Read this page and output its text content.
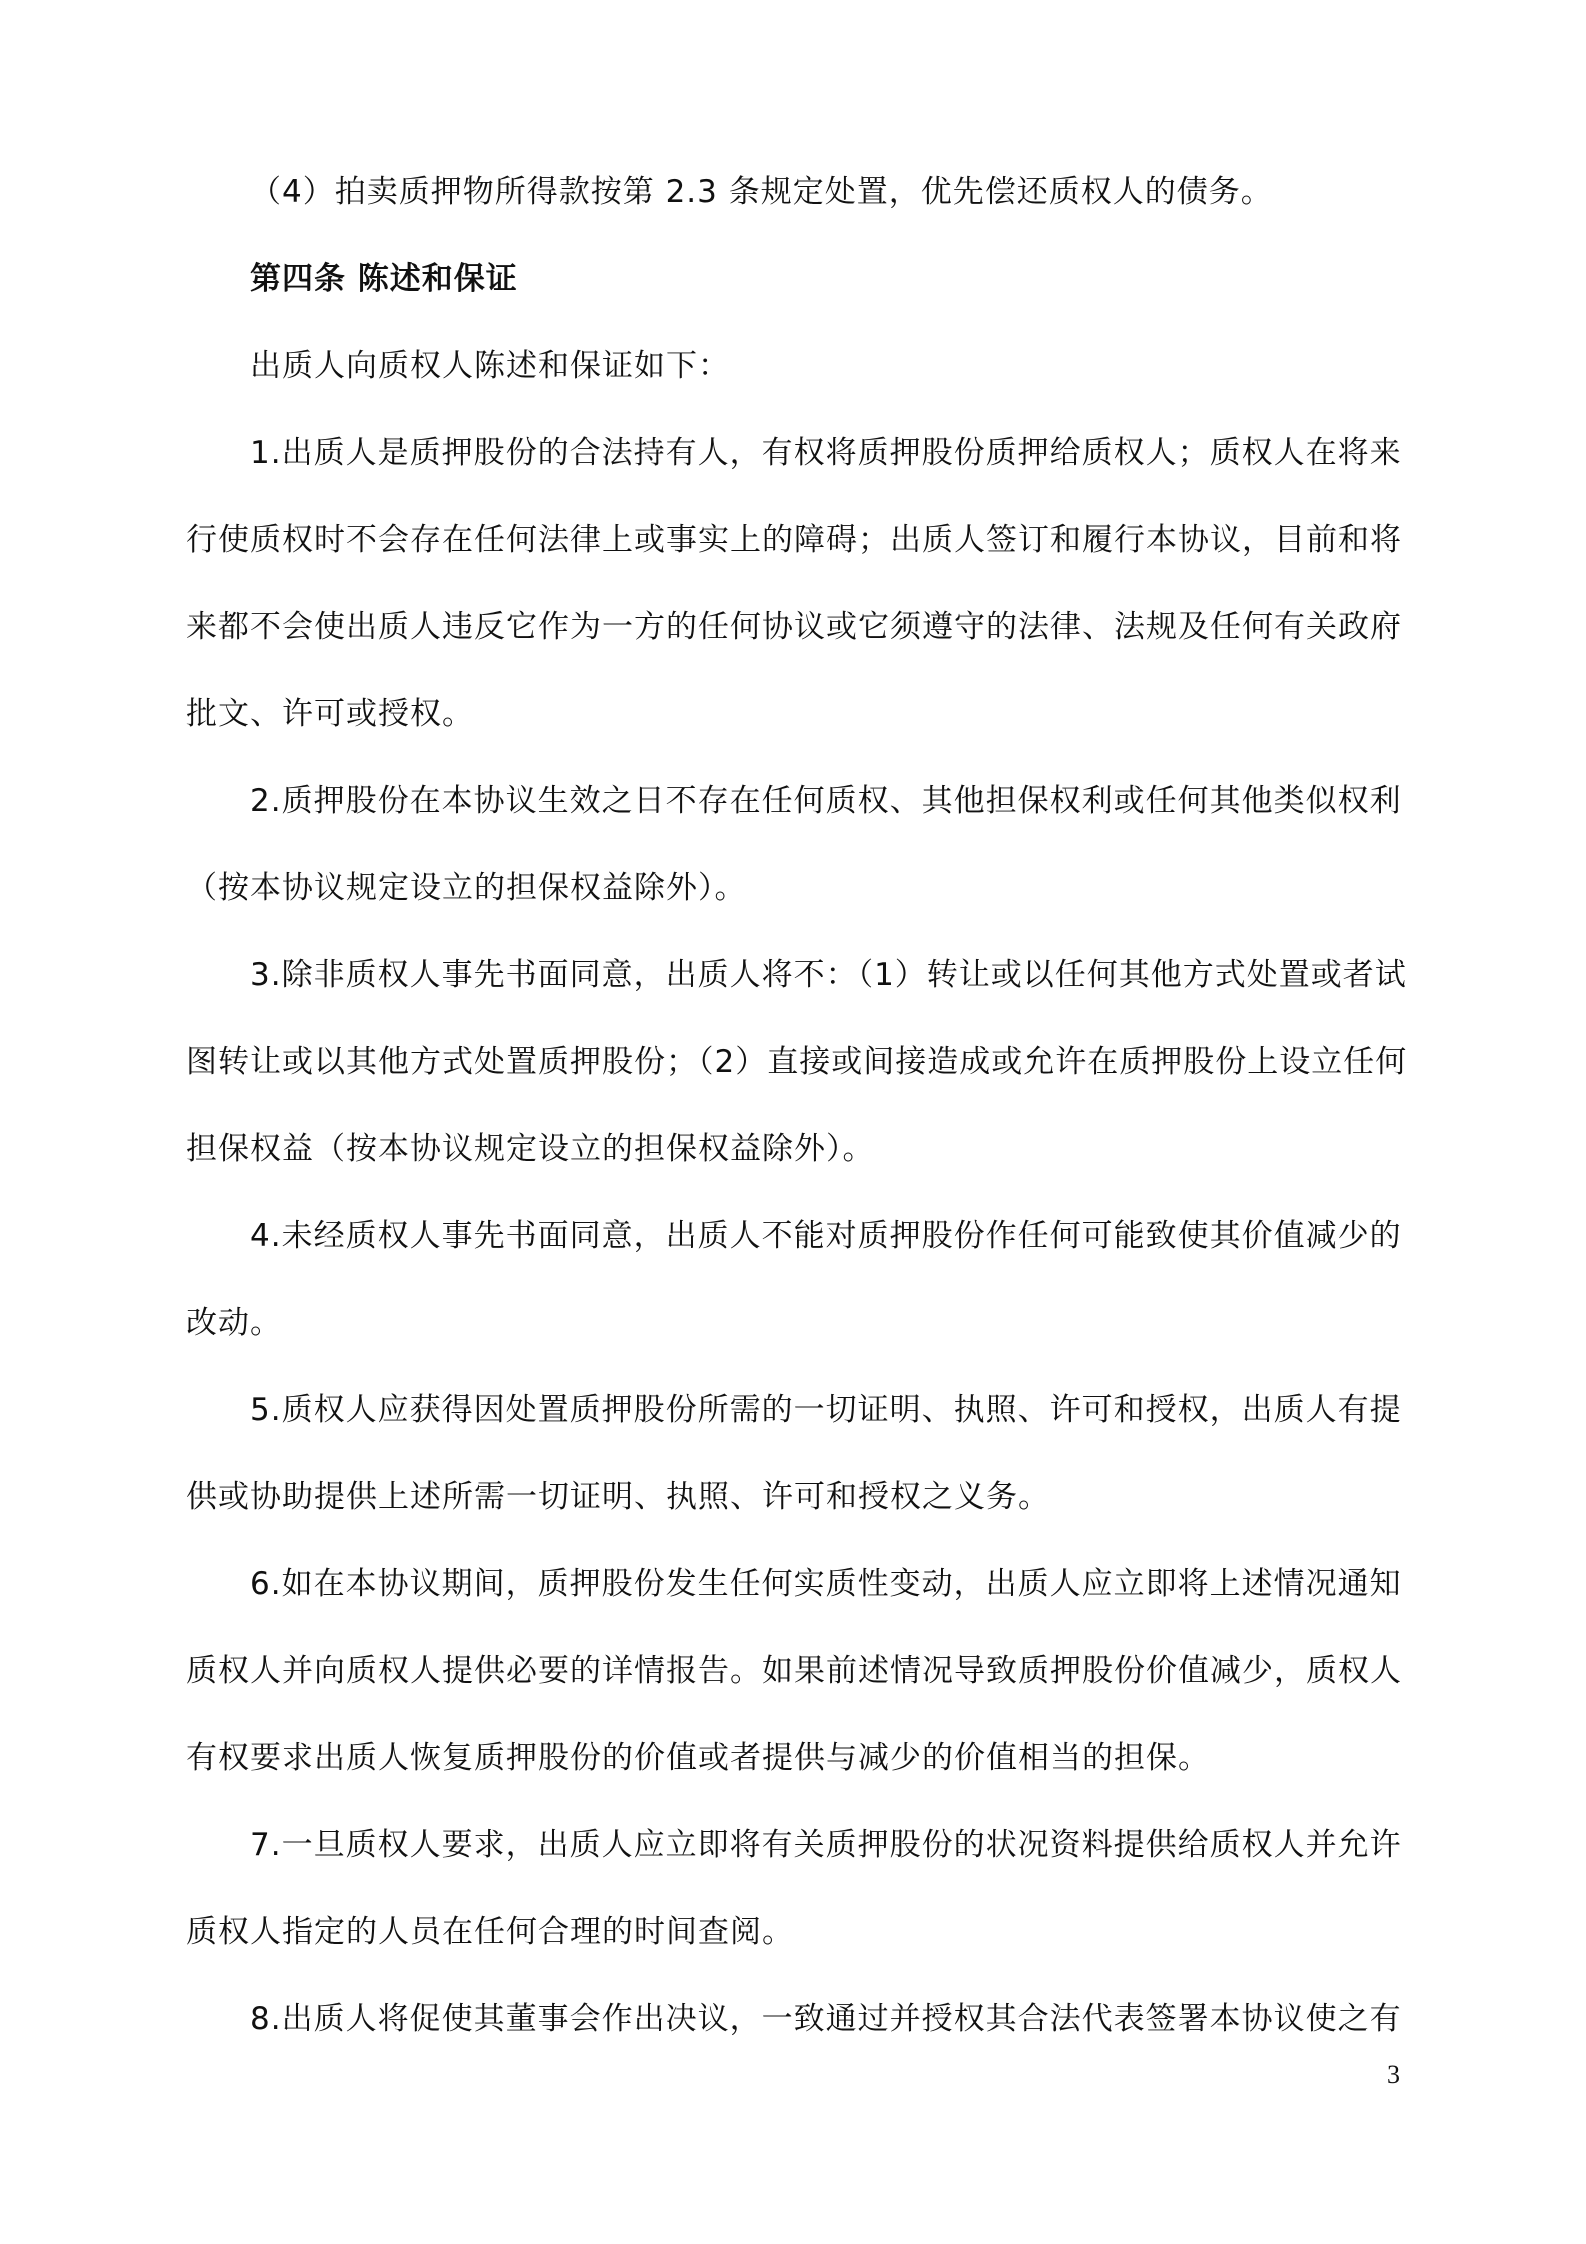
（4）拍卖质押物所得款按第 2.3 条规定处置，优先偿还质权人的债务。
第四条 陈述和保证
出质人向质权人陈述和保证如下：
1.出质人是质押股份的合法持有人，有权将质押股份质押给质权人；质权人在将来
行使质权时不会存在任何法律上或事实上的障碍；出质人签订和履行本协议，目前和将
来都不会使出质人违反它作为一方的任何协议或它须遵守的法律、法规及任何有关政府
批文、许可或授权。
2.质押股份在本协议生效之日不存在任何质权、其他担保权利或任何其他类似权利
（按本协议规定设立的担保权益除外）。
3.除非质权人事先书面同意，出质人将不：（1）转让或以任何其他方式处置或者试
图转让或以其他方式处置质押股份；（2）直接或间接造成或允许在质押股份上设立任何
担保权益（按本协议规定设立的担保权益除外）。
4.未经质权人事先书面同意，出质人不能对质押股份作任何可能致使其价值减少的
改动。
5.质权人应获得因处置质押股份所需的一切证明、执照、许可和授权，出质人有提
供或协助提供上述所需一切证明、执照、许可和授权之义务。
6.如在本协议期间，质押股份发生任何实质性变动，出质人应立即将上述情况通知
质权人并向质权人提供必要的详情报告。如果前述情况导致质押股份价值减少，质权人
有权要求出质人恢复质押股份的价值或者提供与减少的价值相当的担保。
7.一旦质权人要求，出质人应立即将有关质押股份的状况资料提供给质权人并允许
质权人指定的人员在任何合理的时间查阅。
8.出质人将促使其董事会作出决议，一致通过并授权其合法代表签署本协议使之有
3
